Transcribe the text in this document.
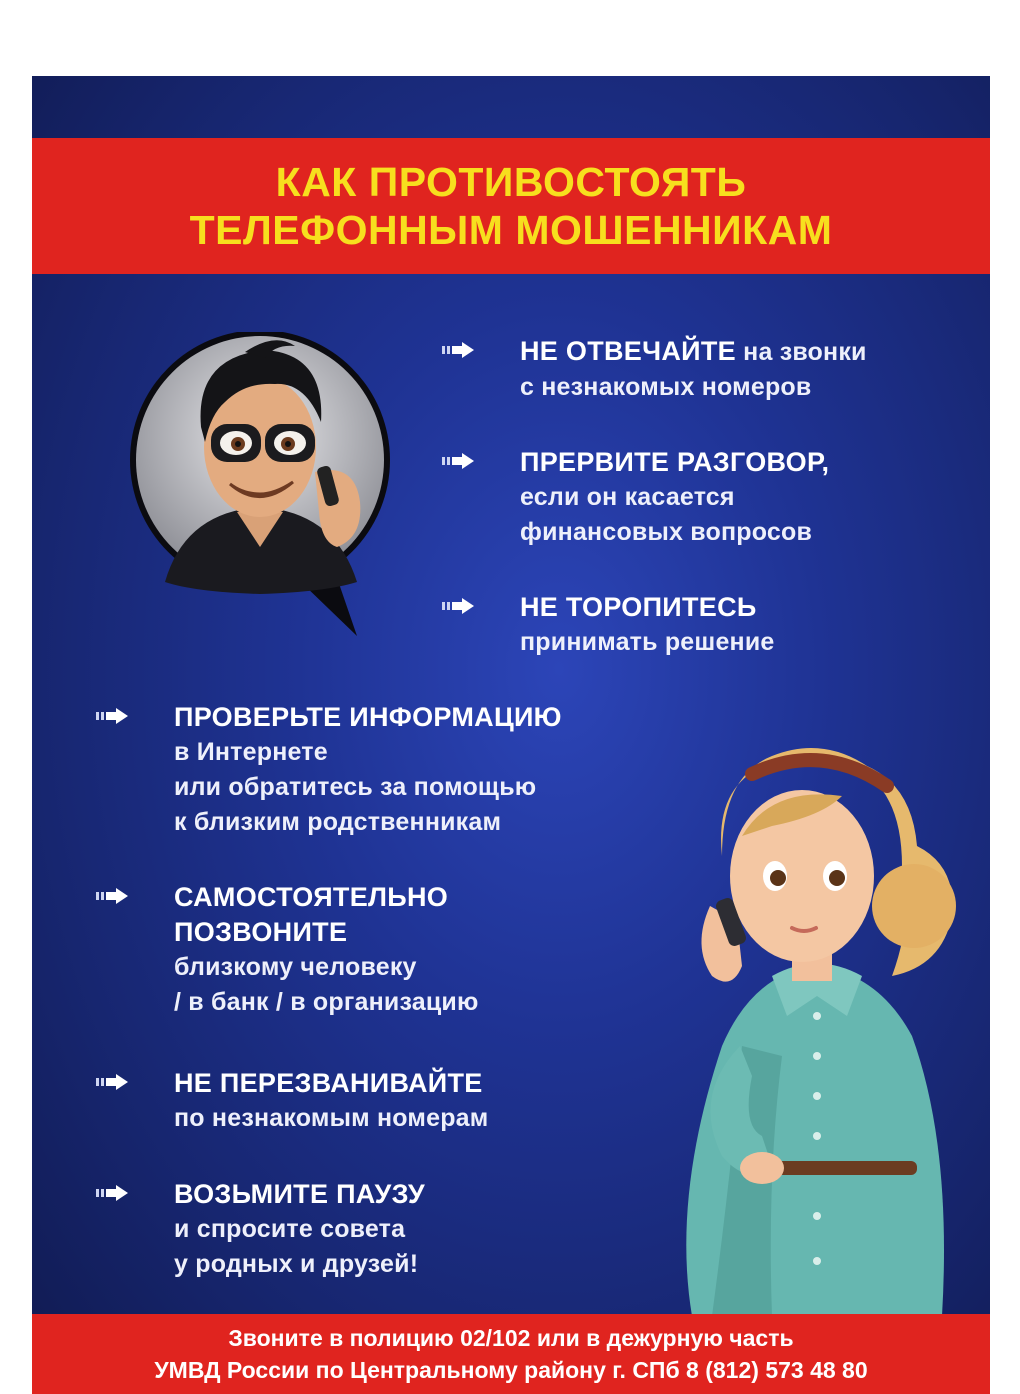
КАК ПРОТИВОСТОЯТЬ
ТЕЛЕФОННЫМ МОШЕННИКАМ
НЕ ОТВЕЧАЙТЕ на звонки
с незнакомых номеров
ПРЕРВИТЕ РАЗГОВОР,
если он касается
финансовых вопросов
НЕ ТОРОПИТЕСЬ
принимать решение
ПРОВЕРЬТЕ ИНФОРМАЦИЮ
в Интернете
или обратитесь за помощью
к близким родственникам
САМОСТОЯТЕЛЬНО
ПОЗВОНИТЕ
близкому человеку
/ в банк / в организацию
НЕ ПЕРЕЗВАНИВАЙТЕ
по незнакомым номерам
ВОЗЬМИТЕ ПАУЗУ
и спросите совета
у родных и друзей!
Звоните в полицию 02/102 или в дежурную часть
УМВД России по Центральному району г. СПб 8 (812) 573 48 80
